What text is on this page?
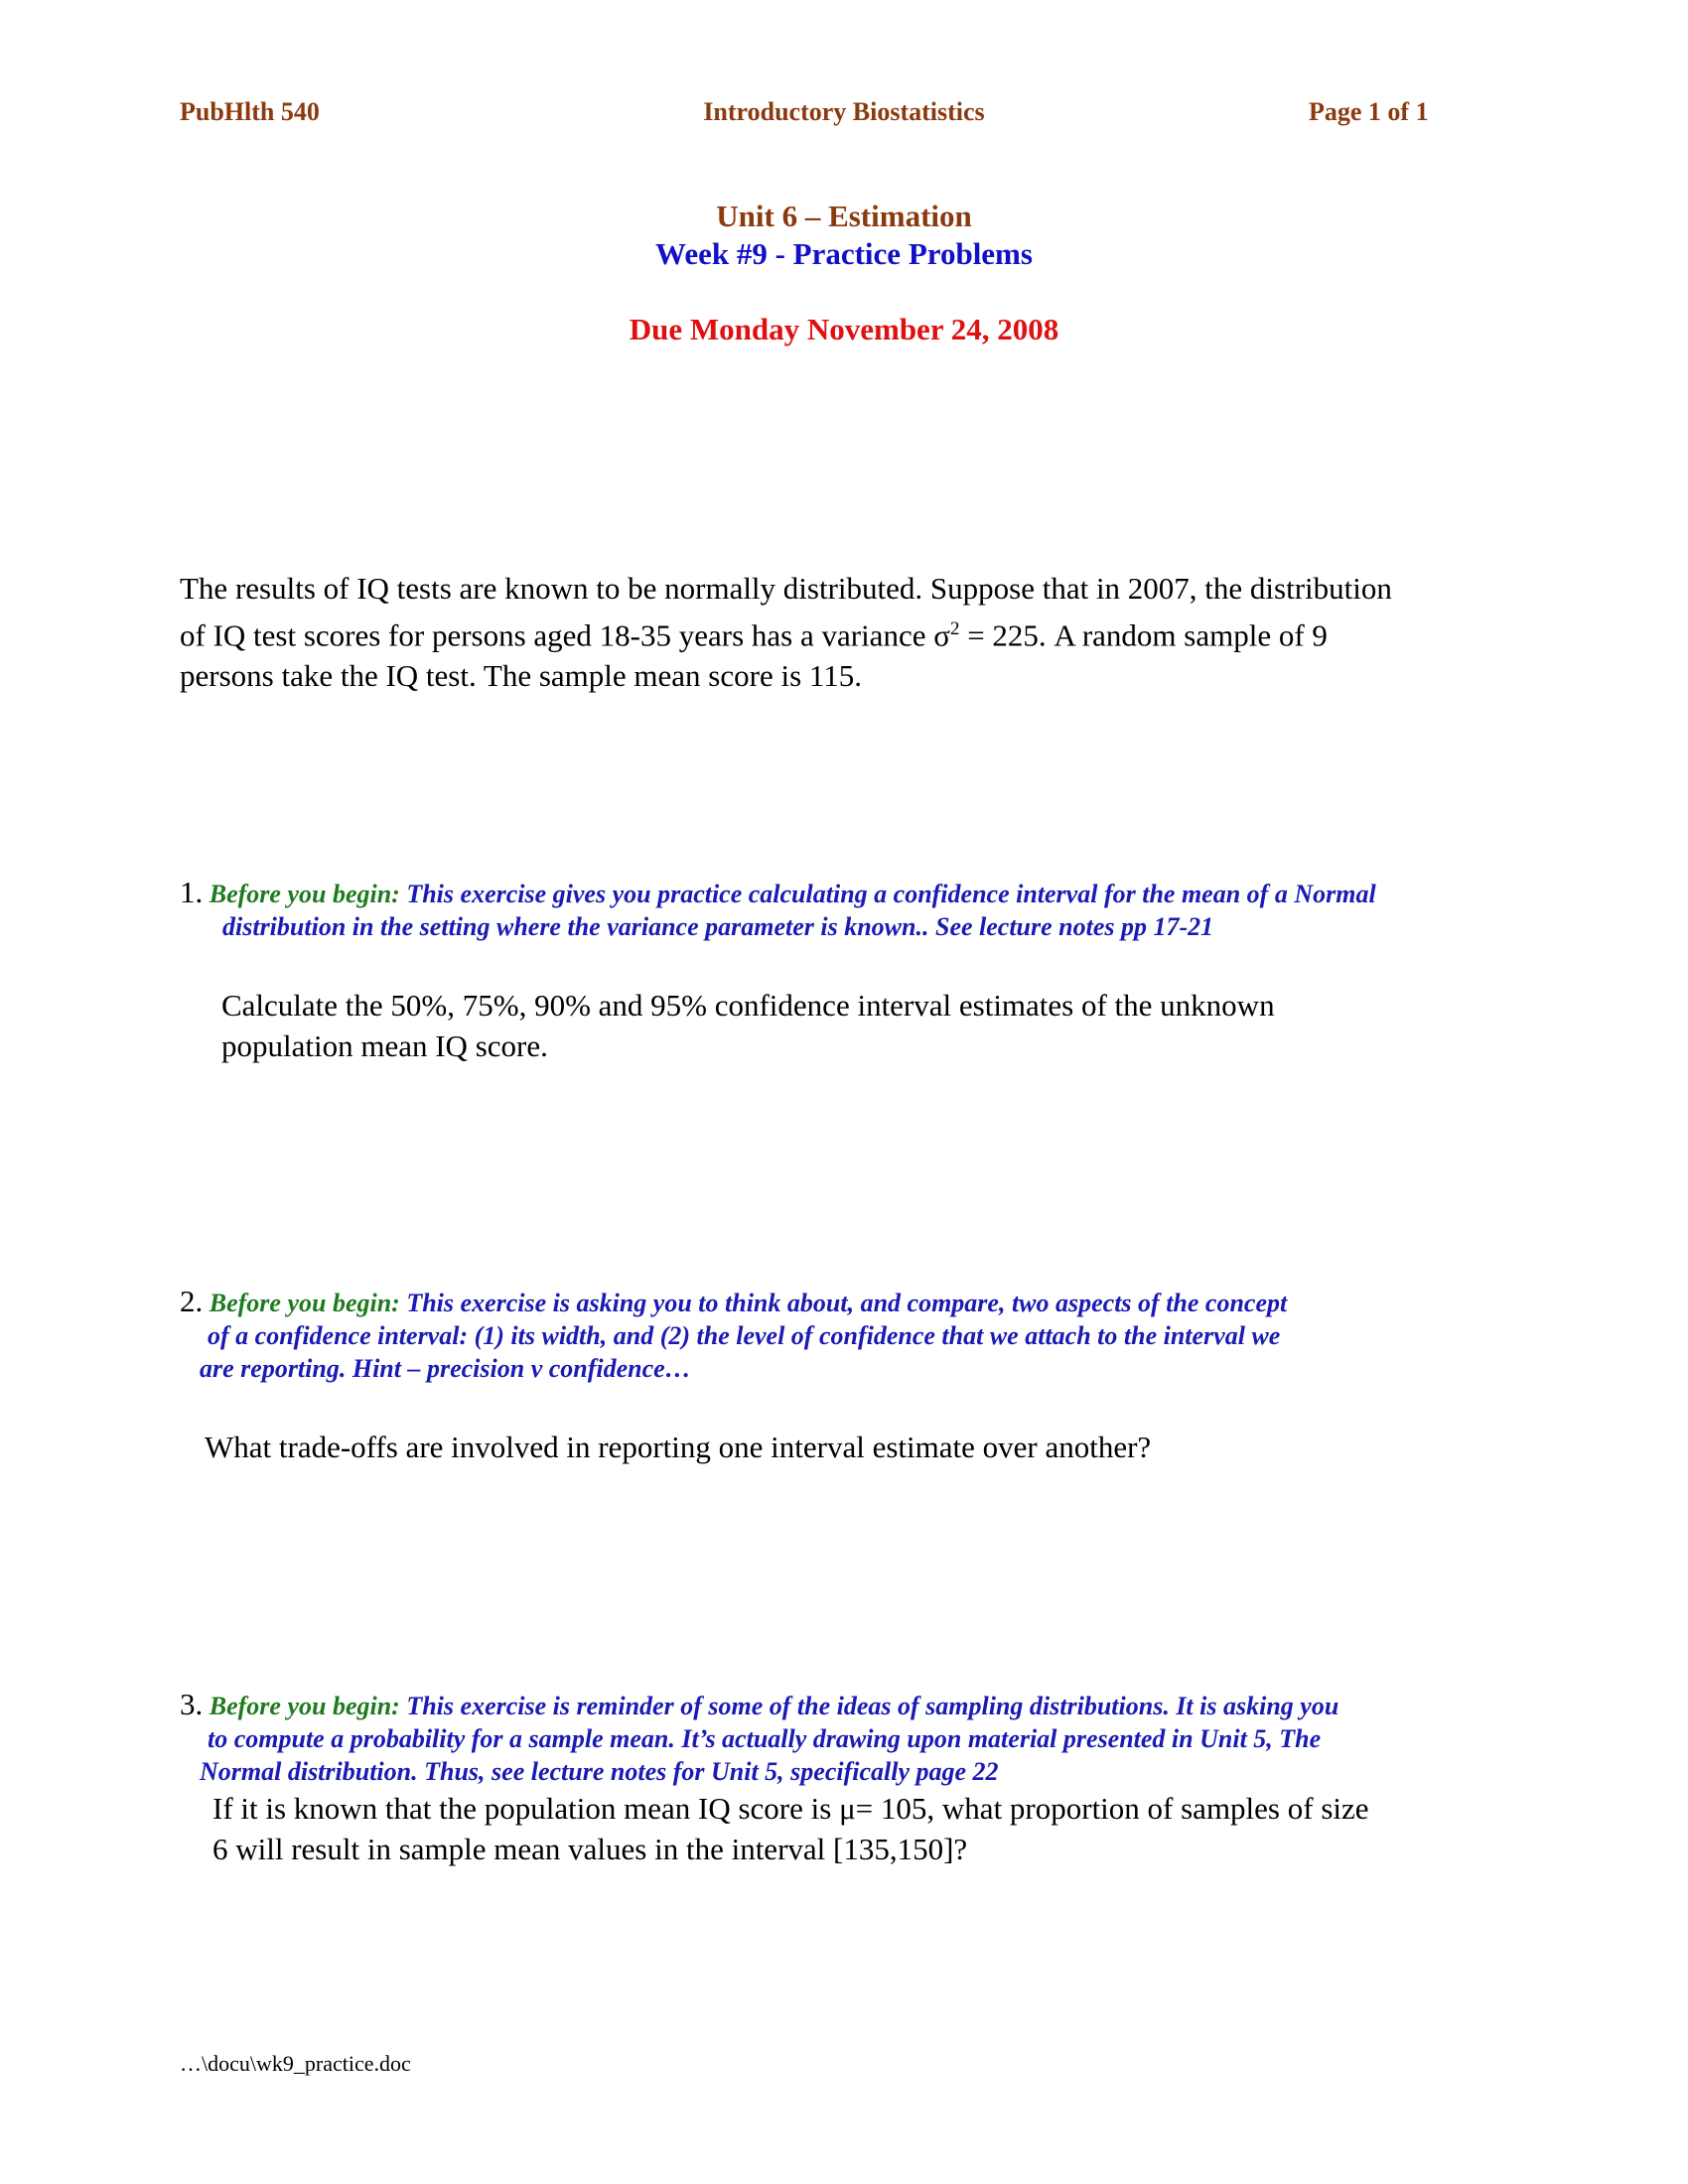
PubHlth 540	Introductory Biostatistics	Page 1 of 1
Unit 6 – Estimation
Week #9 - Practice Problems
Due Monday November 24, 2008
The results of IQ tests are known to be normally distributed. Suppose that in 2007, the distribution
of IQ test scores for persons aged 18-35 years has a variance $\sigma^2 = 225$. A random sample of 9
persons take the IQ test. The sample mean score is 115.
1. Before you begin: This exercise gives you practice calculating a confidence interval for the mean of a Normal
distribution in the setting where the variance parameter is known.. See lecture notes pp 17-21
Calculate the 50%, 75%, 90% and 95% confidence interval estimates of the unknown
population mean IQ score.
2. Before you begin: This exercise is asking you to think about, and compare, two aspects of the concept
of a confidence interval: (1) its width, and (2) the level of confidence that we attach to the interval we
are reporting. Hint – precision v confidence…
What trade-offs are involved in reporting one interval estimate over another?
3. Before you begin: This exercise is reminder of some of the ideas of sampling distributions. It is asking you
to compute a probability for a sample mean. It’s actually drawing upon material presented in Unit 5, The
Normal distribution. Thus, see lecture notes for Unit 5, specifically page 22
If it is known that the population mean IQ score is μ= 105, what proportion of samples of size
6 will result in sample mean values in the interval [135,150]?
…\docu\wk9_practice.doc
